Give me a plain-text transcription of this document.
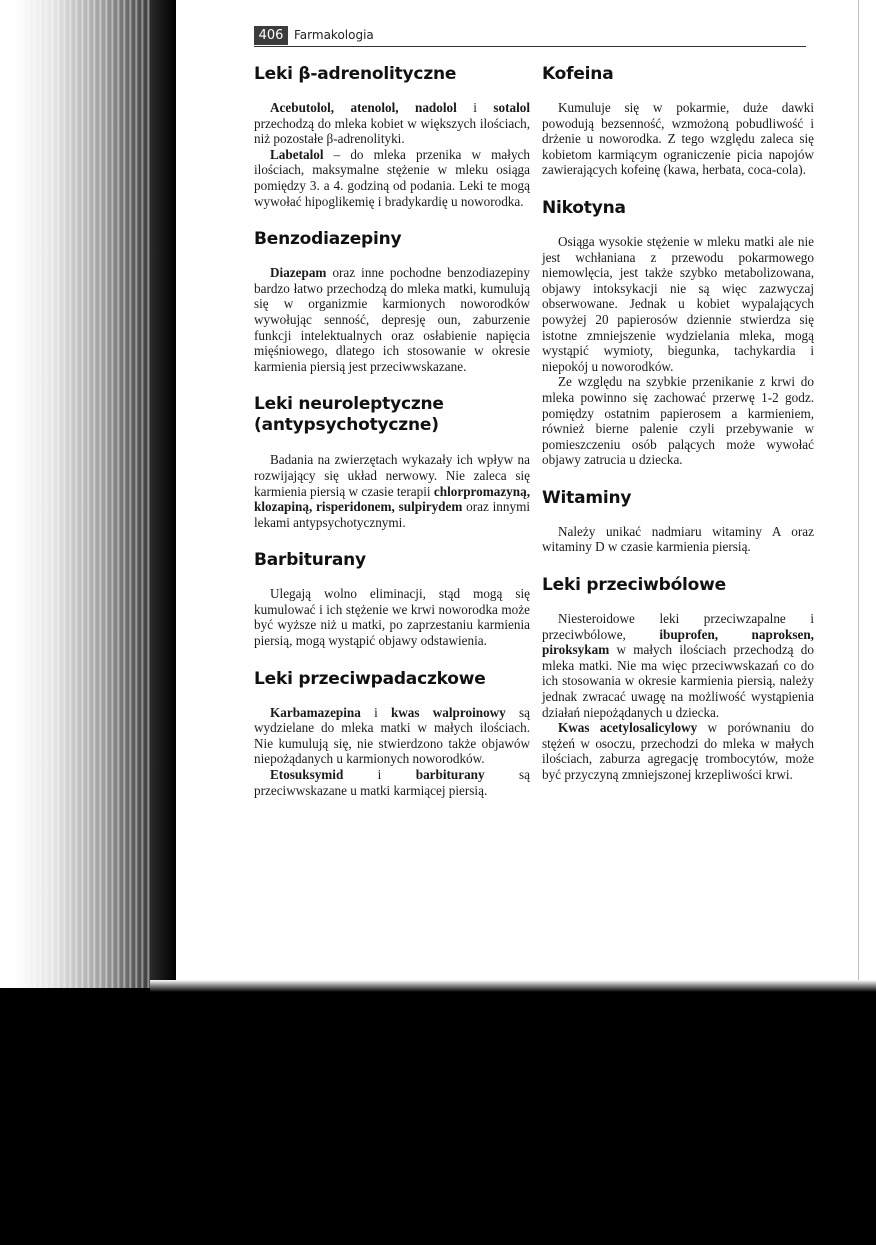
406 Farmakologia
Leki β-adrenolityczne

Acebutolol, atenolol, nadolol i sotalol przechodzą do mleka kobiet w większych ilościach, niż pozostałe β-adrenolityki.

Labetalol – do mleka przenika w małych ilościach, maksymalne stężenie w mleku osiąga pomiędzy 3. a 4. godziną od podania. Leki te mogą wywołać hipoglikemię i bradykardię u noworodka.

Benzodiazepiny

Diazepam oraz inne pochodne benzodiazepiny bardzo łatwo przechodzą do mleka matki, kumulują się w organizmie karmionych noworodków wywołując senność, depresję oun, zaburzenie funkcji intelektualnych oraz osłabienie napięcia mięśniowego, dlatego ich stosowanie w okresie karmienia piersią jest przeciwwskazane.

Leki neuroleptyczne
(antypsychotyczne)

Badania na zwierzętach wykazały ich wpływ na rozwijający się układ nerwowy. Nie zaleca się karmienia piersią w czasie terapii chlorpromazyną, klozapiną, risperidonem, sulpirydem oraz innymi lekami antypsychotycznymi.

Barbiturany

Ulegają wolno eliminacji, stąd mogą się kumulować i ich stężenie we krwi noworodka może być wyższe niż u matki, po zaprzestaniu karmienia piersią, mogą wystąpić objawy odstawienia.

Leki przeciwpadaczkowe

Karbamazepina i kwas walproinowy są wydzielane do mleka matki w małych ilościach. Nie kumulują się, nie stwierdzono także objawów niepożądanych u karmionych noworodków.

Etosuksymid i barbiturany są przeciwwskazane u matki karmiącej piersią.

Kofeina

Kumuluje się w pokarmie, duże dawki powodują bezsenność, wzmożoną pobudliwość i drżenie u noworodka. Z tego względu zaleca się kobietom karmiącym ograniczenie picia napojów zawierających kofeinę (kawa, herbata, coca-cola).

Nikotyna

Osiąga wysokie stężenie w mleku matki ale nie jest wchłaniana z przewodu pokarmowego niemowlęcia, jest także szybko metabolizowana, objawy intoksykacji nie są więc zazwyczaj obserwowane. Jednak u kobiet wypalających powyżej 20 papierosów dziennie stwierdza się istotne zmniejszenie wydzielania mleka, mogą wystąpić wymioty, biegunka, tachykardia i niepokój u noworodków.

Ze względu na szybkie przenikanie z krwi do mleka powinno się zachować przerwę 1-2 godz. pomiędzy ostatnim papierosem a karmieniem, również bierne palenie czyli przebywanie w pomieszczeniu osób palących może wywołać objawy zatrucia u dziecka.

Witaminy

Należy unikać nadmiaru witaminy A oraz witaminy D w czasie karmienia piersią.

Leki przeciwbólowe

Niesteroidowe leki przeciwzapalne i przeciwbólowe, ibuprofen, naproksen, piroksykam w małych ilościach przechodzą do mleka matki. Nie ma więc przeciwwskazań co do ich stosowania w okresie karmienia piersią, należy jednak zwracać uwagę na możliwość wystąpienia działań niepożądanych u dziecka.

Kwas acetylosalicylowy w porównaniu do stężeń w osoczu, przechodzi do mleka w małych ilościach, zaburza agregację trombocytów, może być przyczyną zmniejszonej krzepliwości krwi.
